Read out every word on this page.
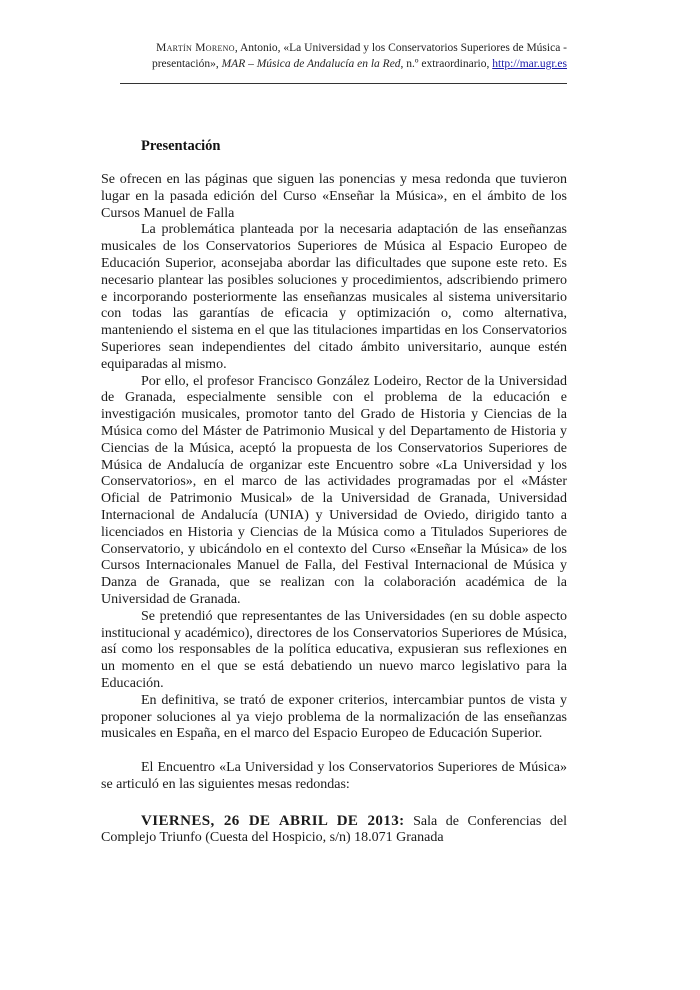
Martín Moreno, Antonio, «La Universidad y los Conservatorios Superiores de Música -
presentación», MAR – Música de Andalucía en la Red, n.º extraordinario, http://mar.ugr.es
Presentación

Se ofrecen en las páginas que siguen las ponencias y mesa redonda que tuvieron lugar en la pasada edición del Curso «Enseñar la Música», en el ámbito de los Cursos Manuel de Falla

La problemática planteada por la necesaria adaptación de las enseñanzas musicales de los Conservatorios Superiores de Música al Espacio Europeo de Educación Superior, aconsejaba abordar las dificultades que supone este reto. Es necesario plantear las posibles soluciones y procedimientos, adscribiendo primero e incorporando posteriormente las enseñanzas musicales al sistema universitario con todas las garantías de eficacia y optimización o, como alternativa, manteniendo el sistema en el que las titulaciones impartidas en los Conservatorios Superiores sean independientes del citado ámbito universitario, aunque estén equiparadas al mismo.

Por ello, el profesor Francisco González Lodeiro, Rector de la Universidad de Granada, especialmente sensible con el problema de la educación e investigación musicales, promotor tanto del Grado de Historia y Ciencias de la Música como del Máster de Patrimonio Musical y del Departamento de Historia y Ciencias de la Música, aceptó la propuesta de los Conservatorios Superiores de Música de Andalucía de organizar este Encuentro sobre «La Universidad y los Conservatorios», en el marco de las actividades programadas por el «Máster Oficial de Patrimonio Musical» de la Universidad de Granada, Universidad Internacional de Andalucía (UNIA) y Universidad de Oviedo, dirigido tanto a licenciados en Historia y Ciencias de la Música como a Titulados Superiores de Conservatorio, y ubicándolo en el contexto del Curso «Enseñar la Música» de los Cursos Internacionales Manuel de Falla, del Festival Internacional de Música y Danza de Granada, que se realizan con la colaboración académica de la Universidad de Granada.

Se pretendió que representantes de las Universidades (en su doble aspecto institucional y académico), directores de los Conservatorios Superiores de Música, así como los responsables de la política educativa, expusieran sus reflexiones en un momento en el que se está debatiendo un nuevo marco legislativo para la Educación.

En definitiva, se trató de exponer criterios, intercambiar puntos de vista y proponer soluciones al ya viejo problema de la normalización de las enseñanzas musicales en España, en el marco del Espacio Europeo de Educación Superior.

El Encuentro «La Universidad y los Conservatorios Superiores de Música» se articuló en las siguientes mesas redondas:

VIERNES, 26 DE ABRIL DE 2013: Sala de Conferencias del Complejo Triunfo (Cuesta del Hospicio, s/n) 18.071 Granada
